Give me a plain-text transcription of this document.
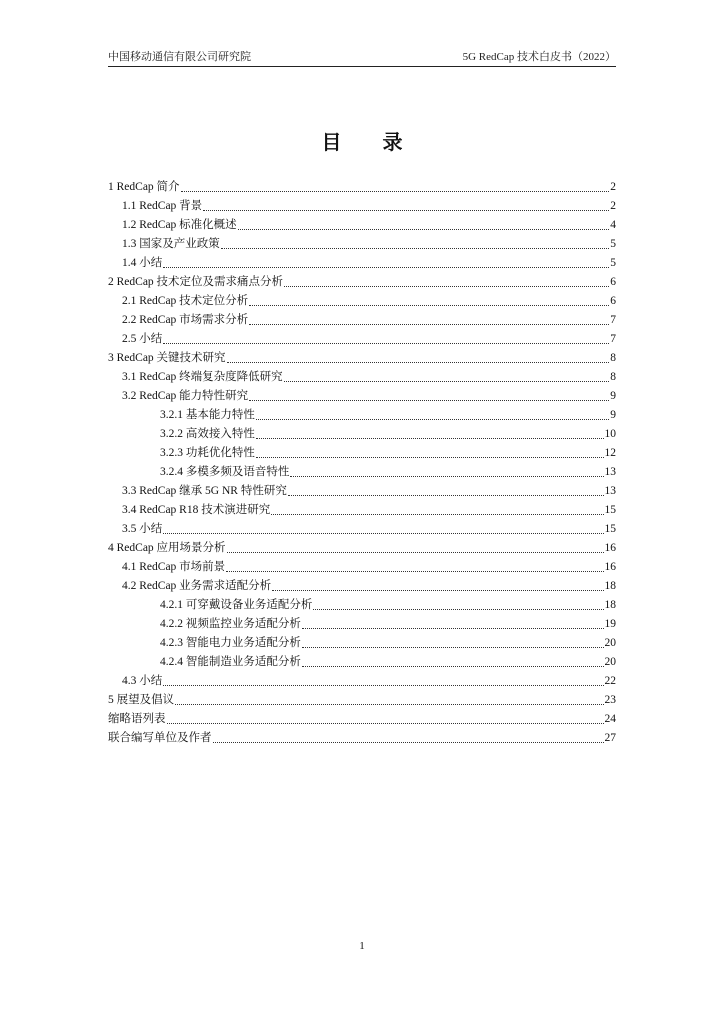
中国移动通信有限公司研究院	5G RedCap 技术白皮书（2022）
目 录
1 RedCap 简介	2
1.1 RedCap 背景	2
1.2 RedCap 标准化概述	4
1.3 国家及产业政策	5
1.4 小结	5
2 RedCap 技术定位及需求痛点分析	6
2.1 RedCap 技术定位分析	6
2.2 RedCap 市场需求分析	7
2.5 小结	7
3 RedCap 关键技术研究	8
3.1 RedCap 终端复杂度降低研究	8
3.2 RedCap 能力特性研究	9
3.2.1 基本能力特性	9
3.2.2 高效接入特性	10
3.2.3 功耗优化特性	12
3.2.4 多模多频及语音特性	13
3.3 RedCap 继承 5G NR 特性研究	13
3.4 RedCap R18 技术演进研究	15
3.5 小结	15
4 RedCap 应用场景分析	16
4.1 RedCap 市场前景	16
4.2 RedCap 业务需求适配分析	18
4.2.1 可穿戴设备业务适配分析	18
4.2.2 视频监控业务适配分析	19
4.2.3 智能电力业务适配分析	20
4.2.4 智能制造业务适配分析	20
4.3 小结	22
5 展望及倡议	23
缩略语列表	24
联合编写单位及作者	27
1
